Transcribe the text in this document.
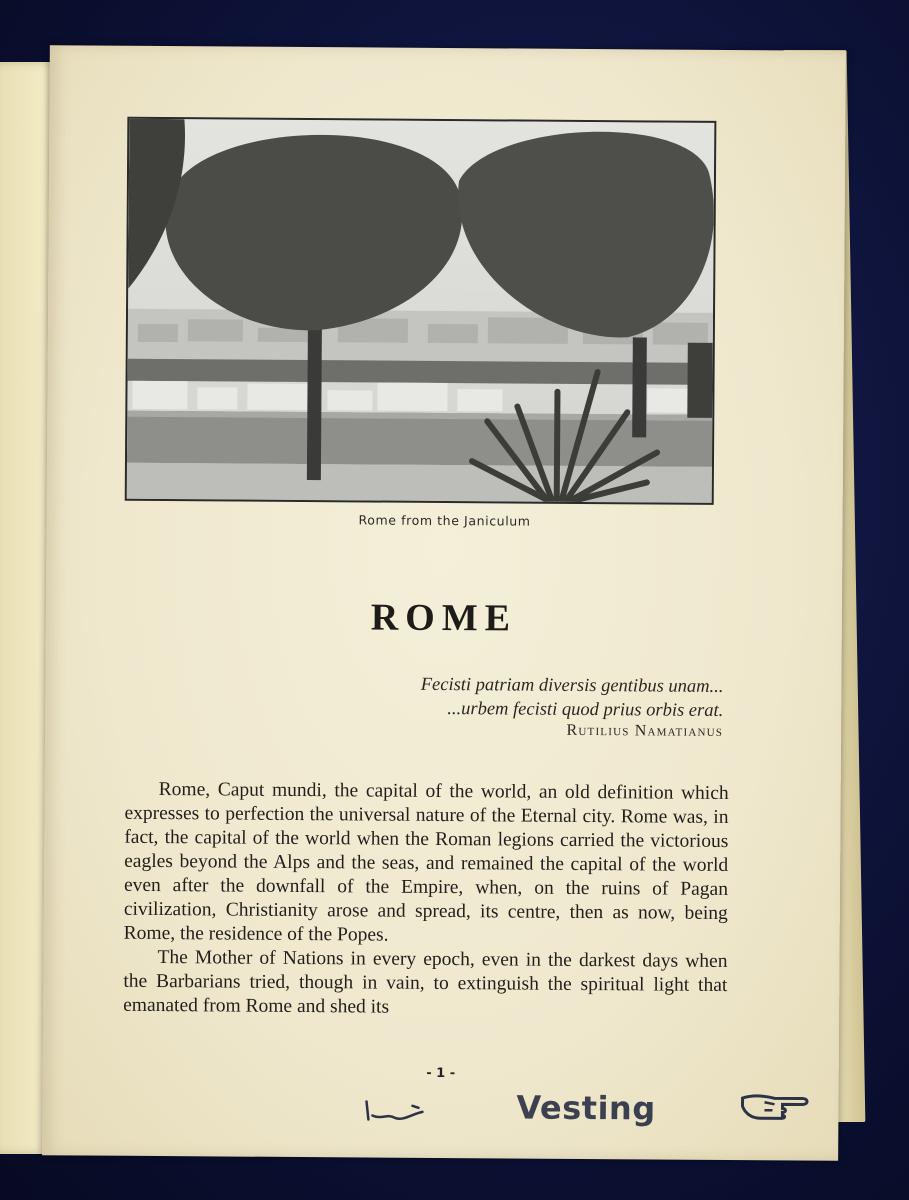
Rome from the Janiculum
ROME
Fecisti patriam diversis gentibus unam...
...urbem fecisti quod prius orbis erat.
Rutilius Namatianus

Rome, Caput mundi, the capital of the world, an old definition which expresses to perfection the universal nature of the Eternal city. Rome was, in fact, the capital of the world when the Roman legions carried the victorious eagles beyond the Alps and the seas, and remained the capital of the world even after the downfall of the Empire, when, on the ruins of Pagan civilization, Christianity arose and spread, its centre, then as now, being Rome, the residence of the Popes.

The Mother of Nations in every epoch, even in the darkest days when the Barbarians tried, though in vain, to extinguish the spiritual light that emanated from Rome and shed its

- 1 -
Vesting
